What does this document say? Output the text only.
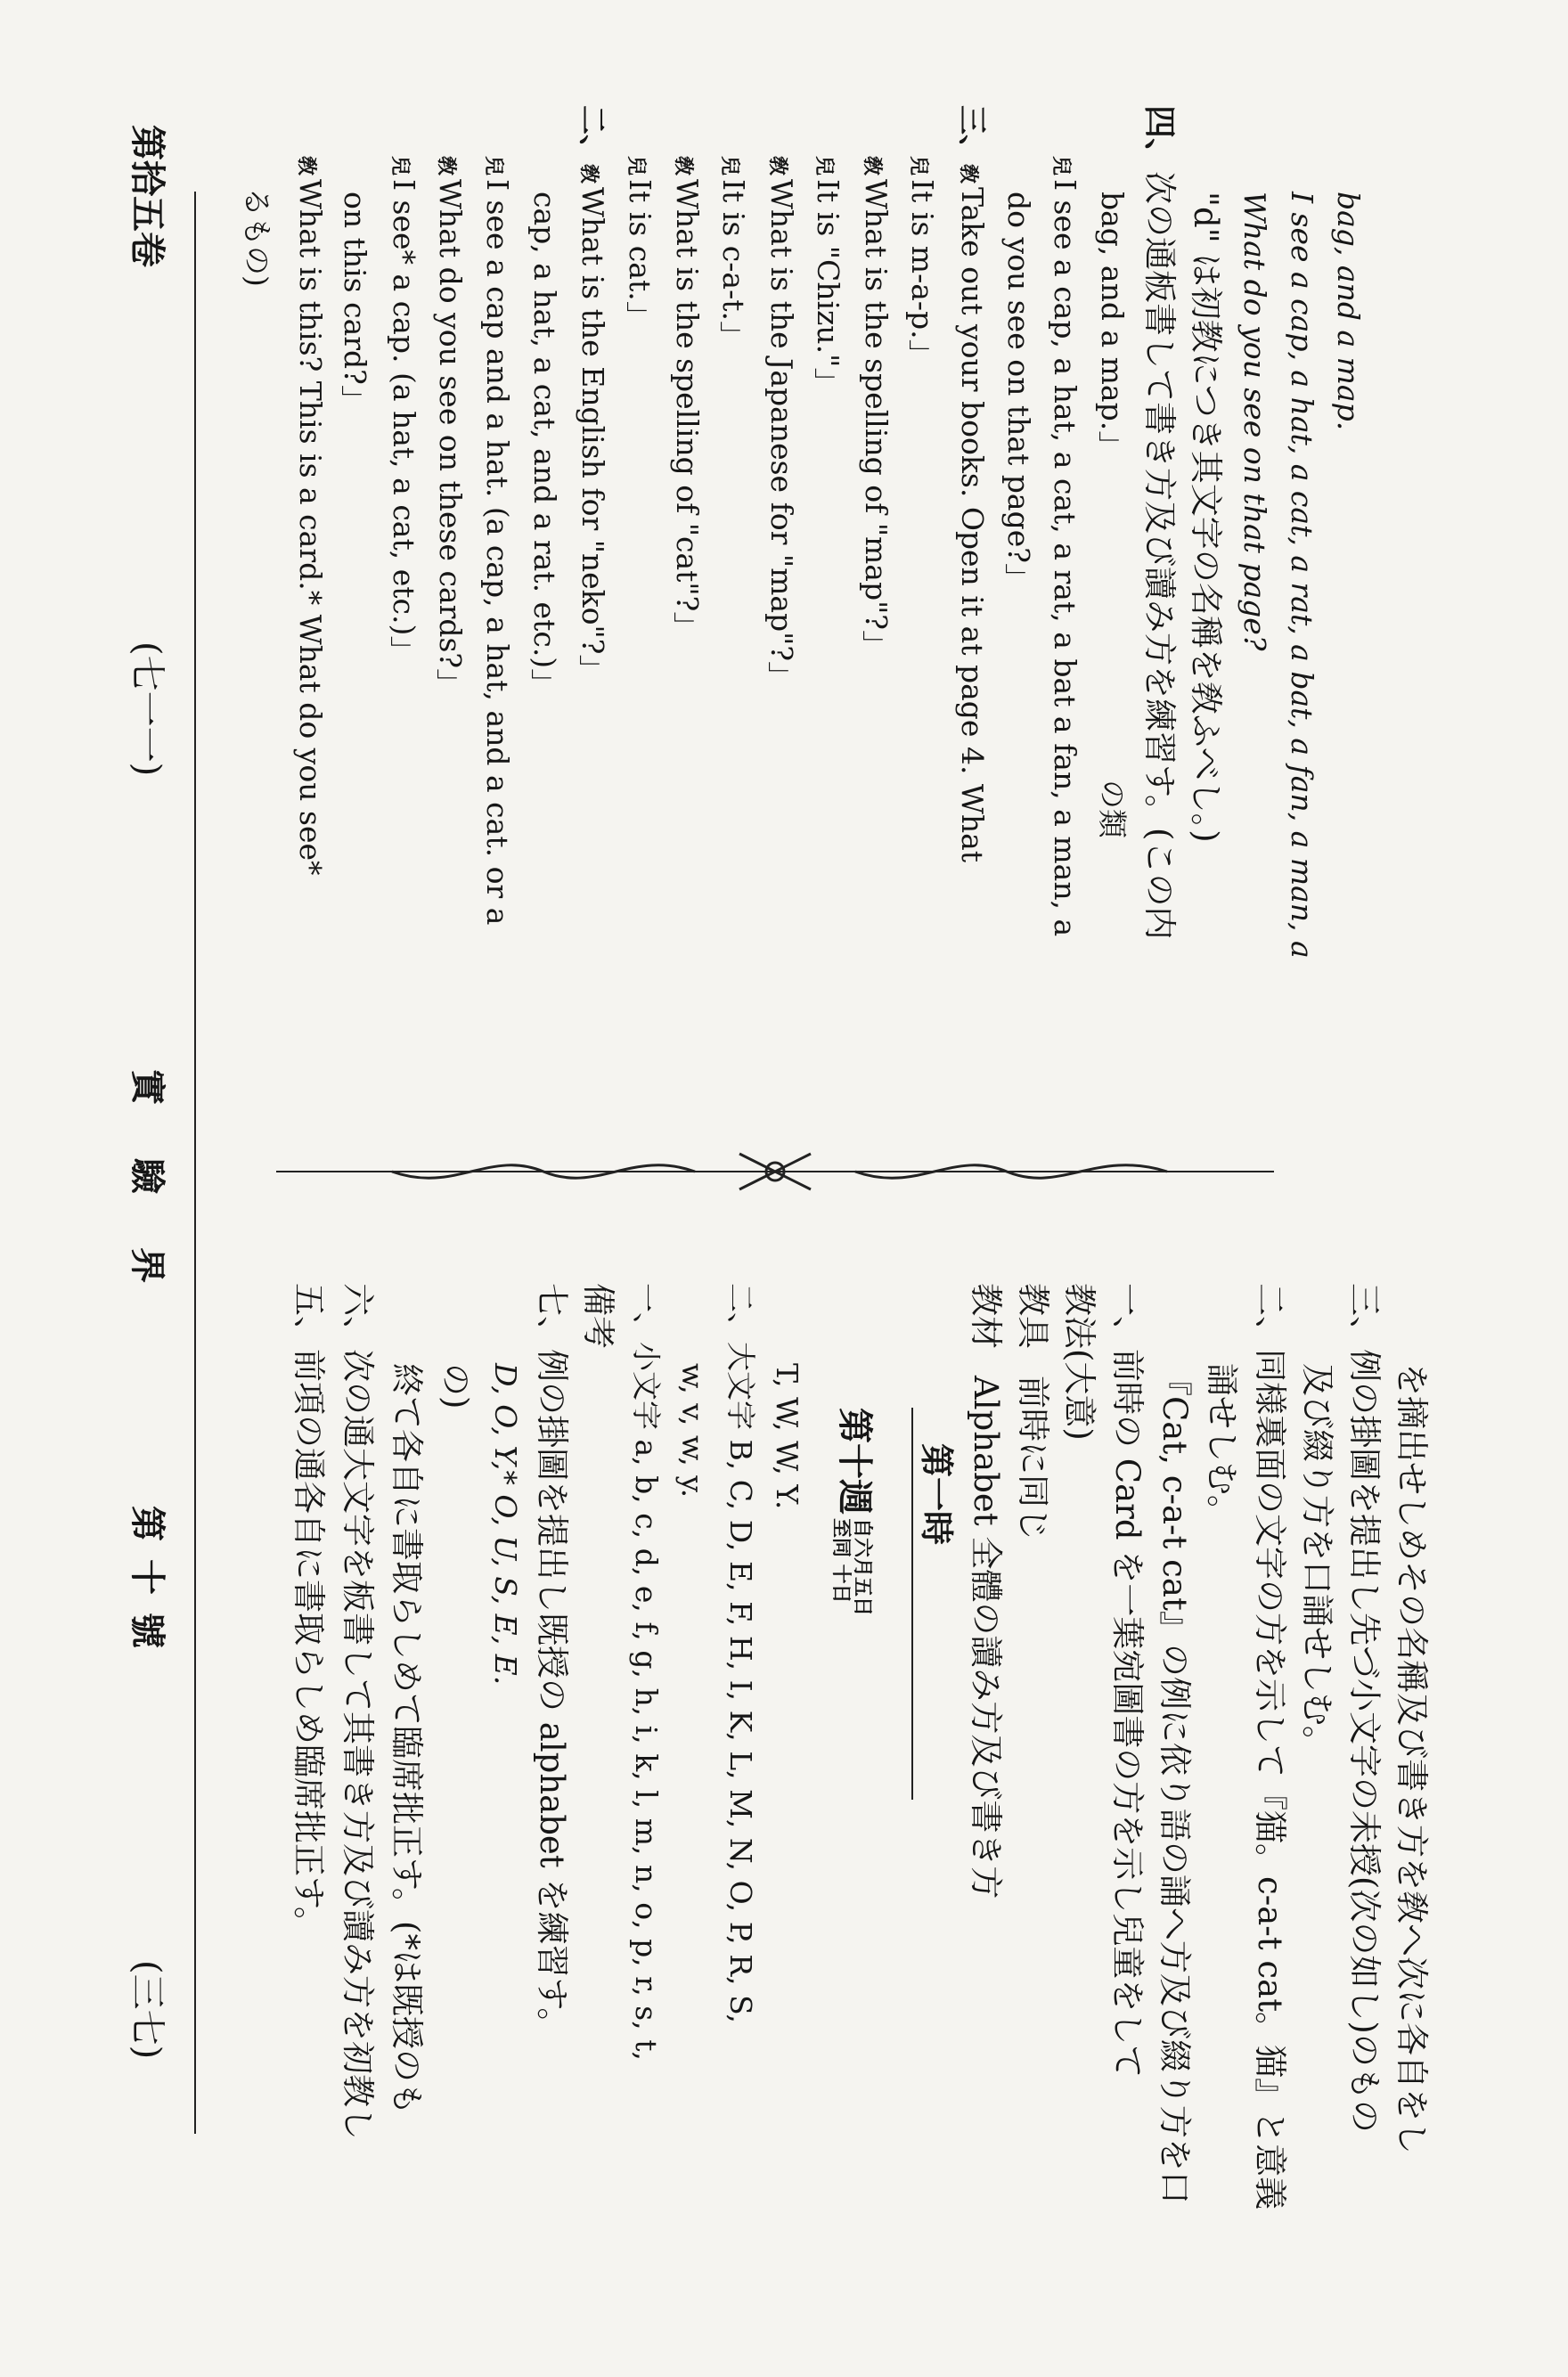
るもの)
敎What is this? This is a card.* What do you see* on this card?」
兒I see* a cap. (a hat, a cat, etc.)」
敎What do you see on these cards?」
兒I see a cap and a hat. (a cap, a hat, and a cat. or a cap, a hat, a cat, and a rat. etc.)」
二、敎What is the English for "neko"?」
兒It is cat.」
敎What is the spelling of "cat"?」
兒It is c-a-t.」
敎What is the Japanese for "map"?」
兒It is "Chizu."」
敎What is the spelling of "map"?」
兒It is m-a-p.」
三、敎Take out your books. Open it at page 4. What do you see on that page?」
兒I see a cap, a hat, a cat, a rat, a bat a fan, a man, a bag, and a map.」
の類
四、次の通板書して書き方及び讀み方を練習す。(この内 "d" は初教につき其文字の名稱を敎ふべし。) What do you see on that page? I see a cap, a hat, a cat, a rat, a bat, a fan, a man, a bag, and a map.
五、前項の通各自に書取らしめ臨席批正す。 六、次の通大文字を板書して其書き方及び讀み方を初教し 終て各自に書取らしめて臨席批正す。(*は既授のも の) D, O, Y,* O, U, S, E, E. 七、例の掛圖を提出し既授の alphabet を練習す。 備考 一、小文字 a, b, c, d, e, f, g, h, i, k, l, m, n, o, p, r, s, t, w, v, w, y. 二、大文字 B, C, D, E, F, H, I, K, L, M, N, O, P, R, S, T, W, W, Y. 第十週自六月五日
至同 十日
第一時
教材Alphabet 全體の讀み方及び書き方
教具前時に同じ
教法(大意) 一、前時の Card を一葉宛圖書の方を示し兒童をして 『Cat, c-a-t cat』の例に依り語の誦へ方及び綴り方を口 誦せしむ。 二、同様裏面の文字の方を示して『猫。c-a-t cat。猫』と意義 及び綴り方を口誦せしむ。 三、例の掛圖を提出し先づ小文字の未授(次の如し)のもの を摘出せしめその名稱及び書き方を敎へ次に各自をし
第拾五卷
(七一一)
實驗界
第十號
(三七)
